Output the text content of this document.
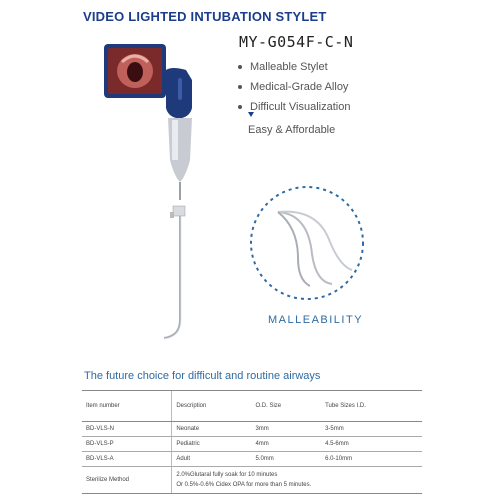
VIDEO LIGHTED INTUBATION STYLET
MY-G054F-C-N
Malleable Stylet
Medical-Grade Alloy
Difficult Visualization
Easy & Affordable
MALLEABILITY
The future choice for difficult and routine airways
Item number	Description	O.D. Size	Tube Sizes I.D.
BD-VLS-N	Neonate	3mm	3-5mm
BD-VLS-P	Pediatric	4mm	4.5-6mm
BD-VLS-A	Adult	5.0mm	6.0-10mm
Sterilize Method	2.0%Glutaral fully soak for 10 minutes
Or 0.5%-0.6% Cidex OPA for more than 5 minutes.		
